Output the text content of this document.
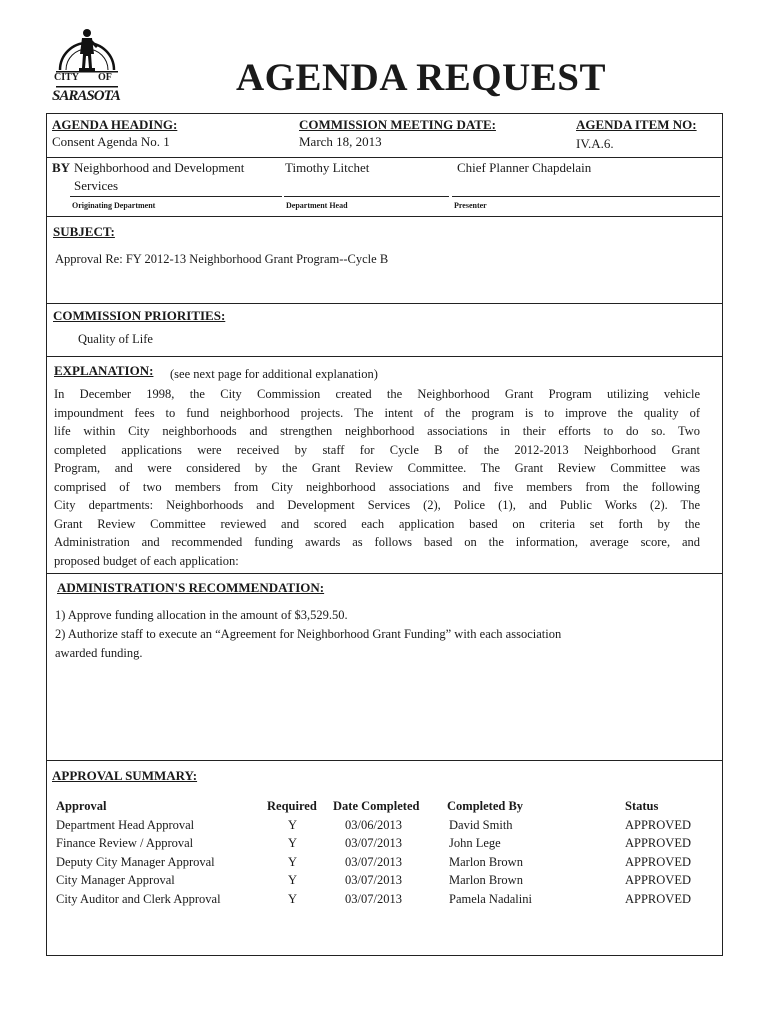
CITY OF
SARASOTA	AGENDA REQUEST
AGENDA HEADING:
Consent Agenda No. 1
COMMISSION MEETING DATE:
March 18, 2013
AGENDA ITEM NO:
IV.A.6.
BY Neighborhood and Development
Services
Timothy Litchet	Chief Planner Chapdelain
Originating Department	Department Head	Presenter
SUBJECT:
Approval Re: FY 2012-13 Neighborhood Grant Program--Cycle B
COMMISSION PRIORITIES:
Quality of Life
EXPLANATION: (see next page for additional explanation)
In December 1998, the City Commission created the Neighborhood Grant Program utilizing vehicle
impoundment fees to fund neighborhood projects. The intent of the program is to improve the quality of
life within City neighborhoods and strengthen neighborhood associations in their efforts to do so. Two
completed applications were received by staff for Cycle B of the 2012-2013 Neighborhood Grant
Program, and were considered by the Grant Review Committee. The Grant Review Committee was
comprised of two members from City neighborhood associations and five members from the following
City departments: Neighborhoods and Development Services (2), Police (1), and Public Works (2). The
Grant Review Committee reviewed and scored each application based on criteria set forth by the
Administration and recommended funding awards as follows based on the information, average score, and
proposed budget of each application:
ADMINISTRATION'S RECOMMENDATION:
1) Approve funding allocation in the amount of $3,529.50.
2) Authorize staff to execute an “Agreement for Neighborhood Grant Funding” with each association
awarded funding.
APPROVAL SUMMARY:
Approval	Required	Date Completed	Completed By	Status
Department Head Approval	Y	03/06/2013	David Smith	APPROVED
Finance Review / Approval	Y	03/07/2013	John Lege	APPROVED
Deputy City Manager Approval	Y	03/07/2013	Marlon Brown	APPROVED
City Manager Approval	Y	03/07/2013	Marlon Brown	APPROVED
City Auditor and Clerk Approval	Y	03/07/2013	Pamela Nadalini	APPROVED
